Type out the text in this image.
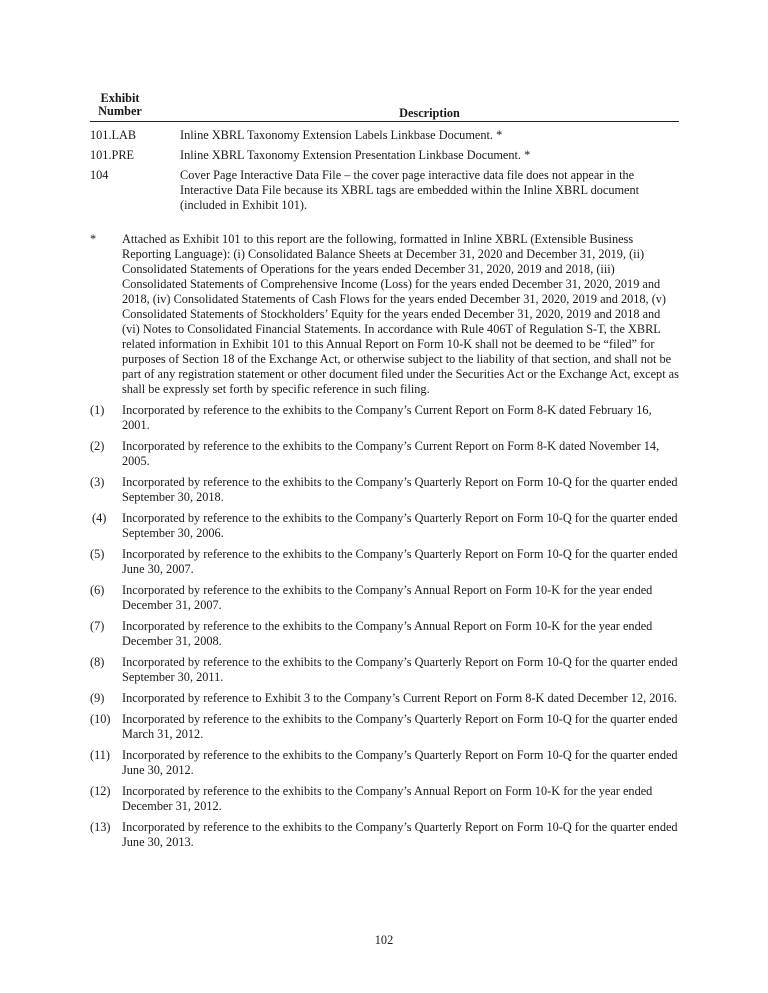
Exhibit
Number	Description
101.LAB	Inline XBRL Taxonomy Extension Labels Linkbase Document. *
101.PRE	Inline XBRL Taxonomy Extension Presentation Linkbase Document. *
104	Cover Page Interactive Data File – the cover page interactive data file does not appear in the Interactive Data File because its XBRL tags are embedded within the Inline XBRL document (included in Exhibit 101).
*	Attached as Exhibit 101 to this report are the following, formatted in Inline XBRL (Extensible Business Reporting Language): (i) Consolidated Balance Sheets at December 31, 2020 and December 31, 2019, (ii) Consolidated Statements of Operations for the years ended December 31, 2020, 2019 and 2018, (iii) Consolidated Statements of Comprehensive Income (Loss) for the years ended December 31, 2020, 2019 and 2018, (iv) Consolidated Statements of Cash Flows for the years ended December 31, 2020, 2019 and 2018, (v) Consolidated Statements of Stockholders’ Equity for the years ended December 31, 2020, 2019 and 2018 and (vi) Notes to Consolidated Financial Statements. In accordance with Rule 406T of Regulation S-T, the XBRL related information in Exhibit 101 to this Annual Report on Form 10-K shall not be deemed to be “filed” for purposes of Section 18 of the Exchange Act, or otherwise subject to the liability of that section, and shall not be part of any registration statement or other document filed under the Securities Act or the Exchange Act, except as shall be expressly set forth by specific reference in such filing.
(1)	Incorporated by reference to the exhibits to the Company’s Current Report on Form 8-K dated February 16, 2001.
(2)	Incorporated by reference to the exhibits to the Company’s Current Report on Form 8-K dated November 14, 2005.
(3)	Incorporated by reference to the exhibits to the Company’s Quarterly Report on Form 10-Q for the quarter ended September 30, 2018.
(4)	Incorporated by reference to the exhibits to the Company’s Quarterly Report on Form 10-Q for the quarter ended September 30, 2006.
(5)	Incorporated by reference to the exhibits to the Company’s Quarterly Report on Form 10-Q for the quarter ended June 30, 2007.
(6)	Incorporated by reference to the exhibits to the Company’s Annual Report on Form 10-K for the year ended December 31, 2007.
(7)	Incorporated by reference to the exhibits to the Company’s Annual Report on Form 10-K for the year ended December 31, 2008.
(8)	Incorporated by reference to the exhibits to the Company’s Quarterly Report on Form 10-Q for the quarter ended September 30, 2011.
(9)	Incorporated by reference to Exhibit 3 to the Company’s Current Report on Form 8-K dated December 12, 2016.
(10) Incorporated by reference to the exhibits to the Company’s Quarterly Report on Form 10-Q for the quarter ended March 31, 2012.
(11) Incorporated by reference to the exhibits to the Company’s Quarterly Report on Form 10-Q for the quarter ended June 30, 2012.
(12) Incorporated by reference to the exhibits to the Company’s Annual Report on Form 10-K for the year ended December 31, 2012.
(13) Incorporated by reference to the exhibits to the Company’s Quarterly Report on Form 10-Q for the quarter ended June 30, 2013.
102
